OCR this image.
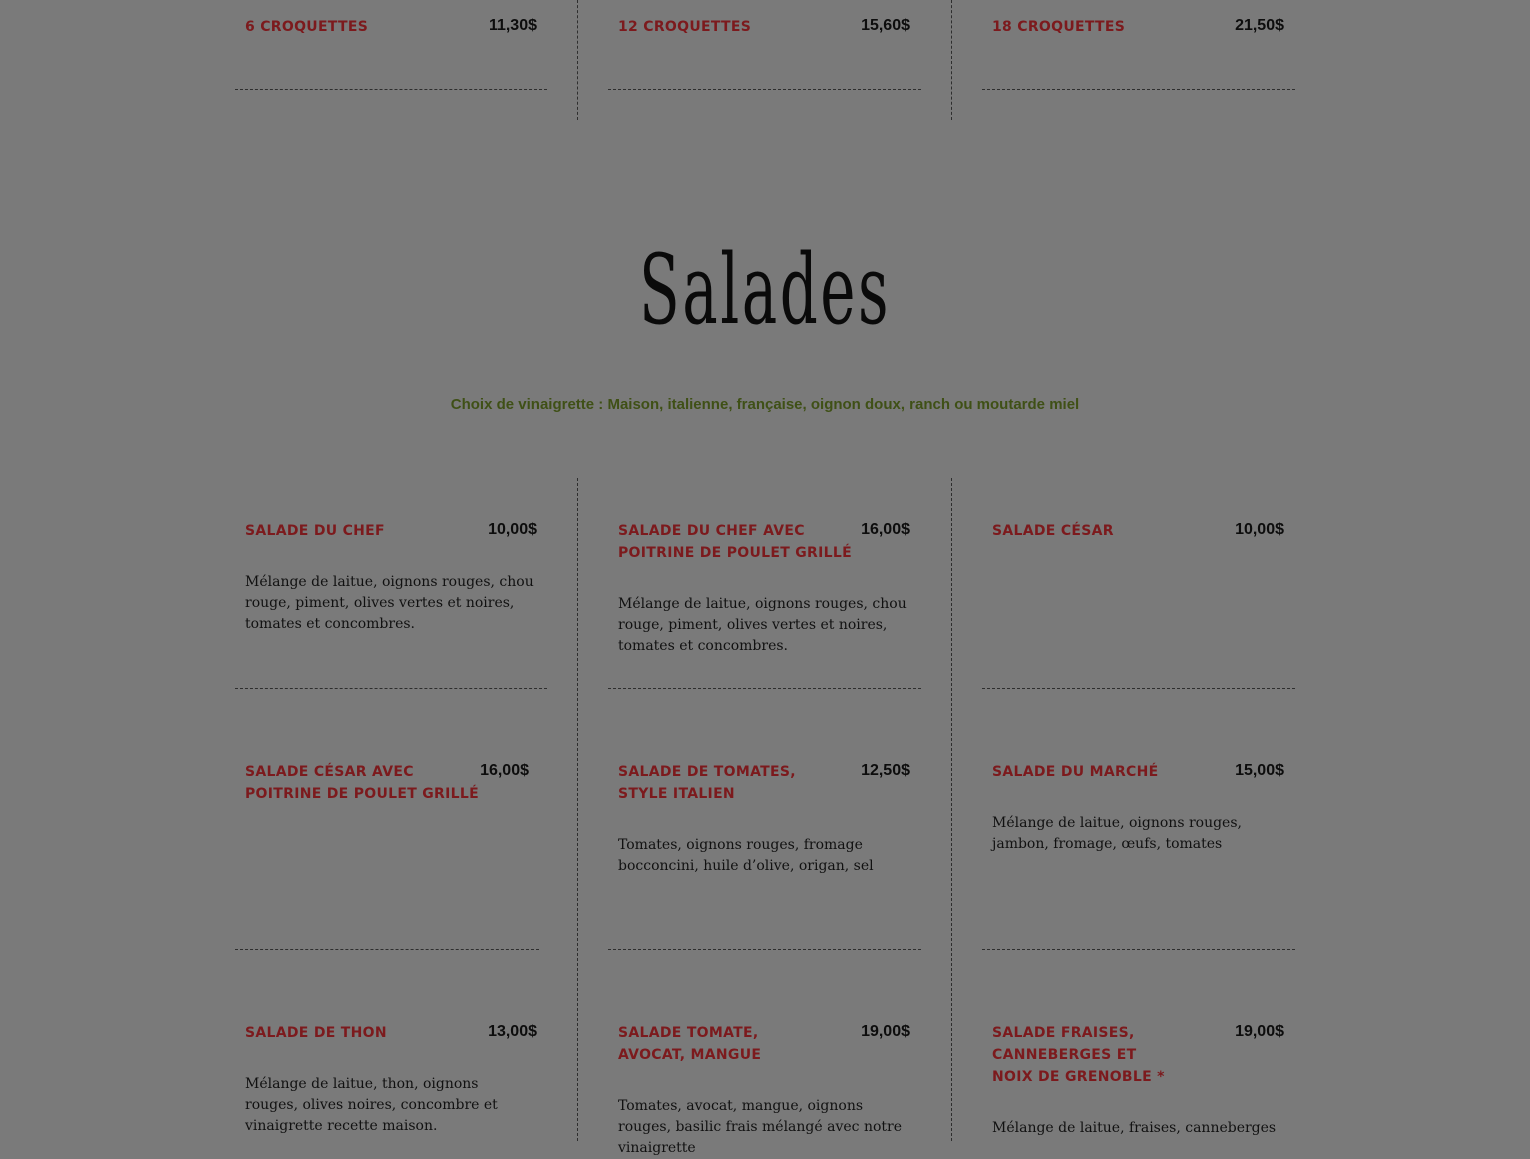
6 CROQUETTES	11,30$	12 CROQUETTES	15,60$	18 CROQUETTES	21,50$
Salades
Choix de vinaigrette : Maison, italienne, française, oignon doux, ranch ou moutarde miel
SALADE DU CHEF	10,00$
Mélange de laitue, oignons rouges, chou rouge, piment, olives vertes et noires, tomates et concombres.
SALADE DU CHEF AVEC
POITRINE DE POULET GRILLÉ
16,00$
Mélange de laitue, oignons rouges, chou rouge, piment, olives vertes et noires, tomates et concombres.
SALADE CÉSAR	10,00$
SALADE CÉSAR AVEC
POITRINE DE POULET GRILLÉ
16,00$	SALADE DE TOMATES,
STYLE ITALIEN
12,50$
Tomates, oignons rouges, fromage bocconcini, huile d’olive, origan, sel
SALADE DU MARCHÉ	15,00$
Mélange de laitue, oignons rouges, jambon, fromage, œufs, tomates
SALADE DE THON	13,00$
Mélange de laitue, thon, oignons rouges, olives noires, concombre et vinaigrette recette maison.
SALADE TOMATE,
AVOCAT, MANGUE
19,00$
Tomates, avocat, mangue, oignons rouges, basilic frais mélangé avec notre vinaigrette
SALADE FRAISES,
CANNEBERGES ET
NOIX DE GRENOBLE *
19,00$
Mélange de laitue, fraises, canneberges
